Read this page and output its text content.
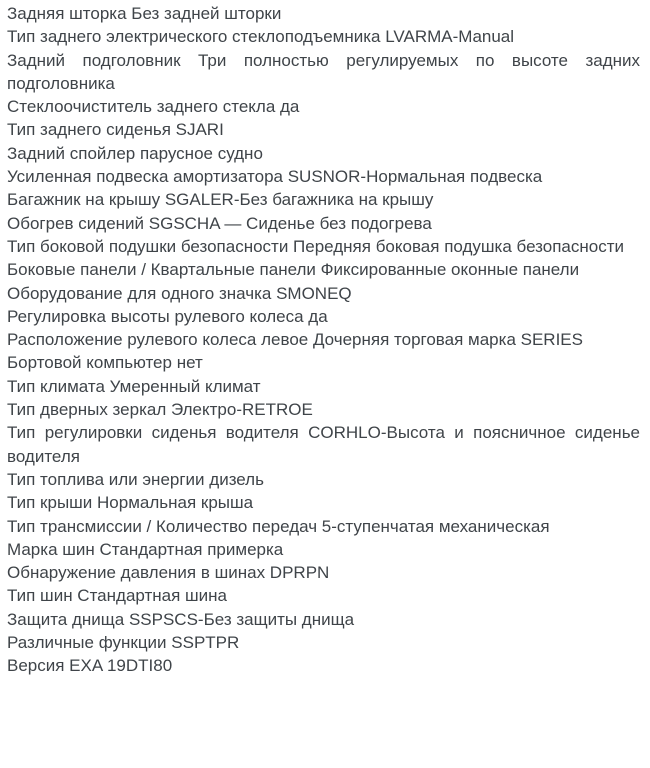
Задняя шторка Без задней шторки

Тип заднего электрического стеклоподъемника LVARMA-Manual

Задний подголовник Три полностью регулируемых по высоте задних подголовника

Стеклоочиститель заднего стекла да

Тип заднего сиденья SJARI

Задний спойлер парусное судно

Усиленная подвеска амортизатора SUSNOR-Нормальная подвеска

Багажник на крышу SGALER-Без багажника на крышу

Обогрев сидений SGSCHA — Сиденье без подогрева

Тип боковой подушки безопасности Передняя боковая подушка безопасности

Боковые панели / Квартальные панели Фиксированные оконные панели

Оборудование для одного значка SMONEQ

Регулировка высоты рулевого колеса да

Расположение рулевого колеса левое Дочерняя торговая марка SERIES

Бортовой компьютер нет

Тип климата Умеренный климат

Тип дверных зеркал Электро-RETROE

Тип регулировки сиденья водителя CORHLO-Высота и поясничное сиденье водителя

Тип топлива или энергии дизель

Тип крыши Нормальная крыша

Тип трансмиссии / Количество передач 5-ступенчатая механическая

Марка шин Стандартная примерка

Обнаружение давления в шинах DPRPN

Тип шин Стандартная шина

Защита днища SSPSCS-Без защиты днища

Различные функции SSPTPR

Версия EXA 19DTI80
